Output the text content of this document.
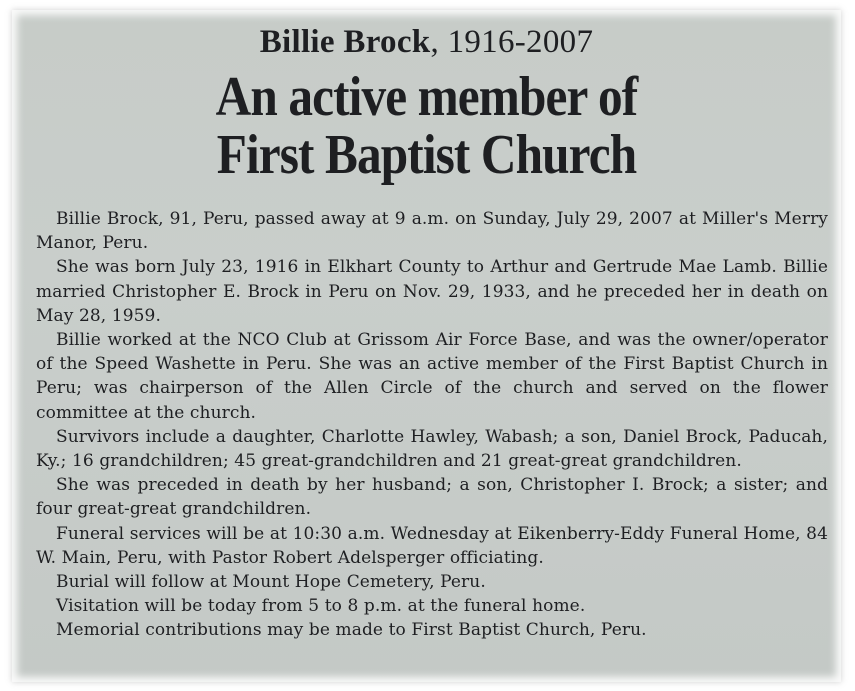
Billie Brock, 1916-2007
An active member of
First Baptist Church

Billie Brock, 91, Peru, passed away at 9 a.m. on Sunday, July 29, 2007 at Miller's Merry Manor, Peru.

She was born July 23, 1916 in Elkhart County to Arthur and Gertrude Mae Lamb. Billie married Christopher E. Brock in Peru on Nov. 29, 1933, and he preceded her in death on May 28, 1959.

Billie worked at the NCO Club at Grissom Air Force Base, and was the owner/operator of the Speed Washette in Peru. She was an active member of the First Baptist Church in Peru; was chairperson of the Allen Circle of the church and served on the flower committee at the church.

Survivors include a daughter, Charlotte Hawley, Wabash; a son, Daniel Brock, Paducah, Ky.; 16 grandchildren; 45 great-grandchildren and 21 great-great grandchildren.

She was preceded in death by her husband; a son, Christopher I. Brock; a sister; and four great-great grandchildren.

Funeral services will be at 10:30 a.m. Wednesday at Eikenberry-Eddy Funeral Home, 84 W. Main, Peru, with Pastor Robert Adelsperger officiating.

Burial will follow at Mount Hope Cemetery, Peru.

Visitation will be today from 5 to 8 p.m. at the funeral home.

Memorial contributions may be made to First Baptist Church, Peru.
